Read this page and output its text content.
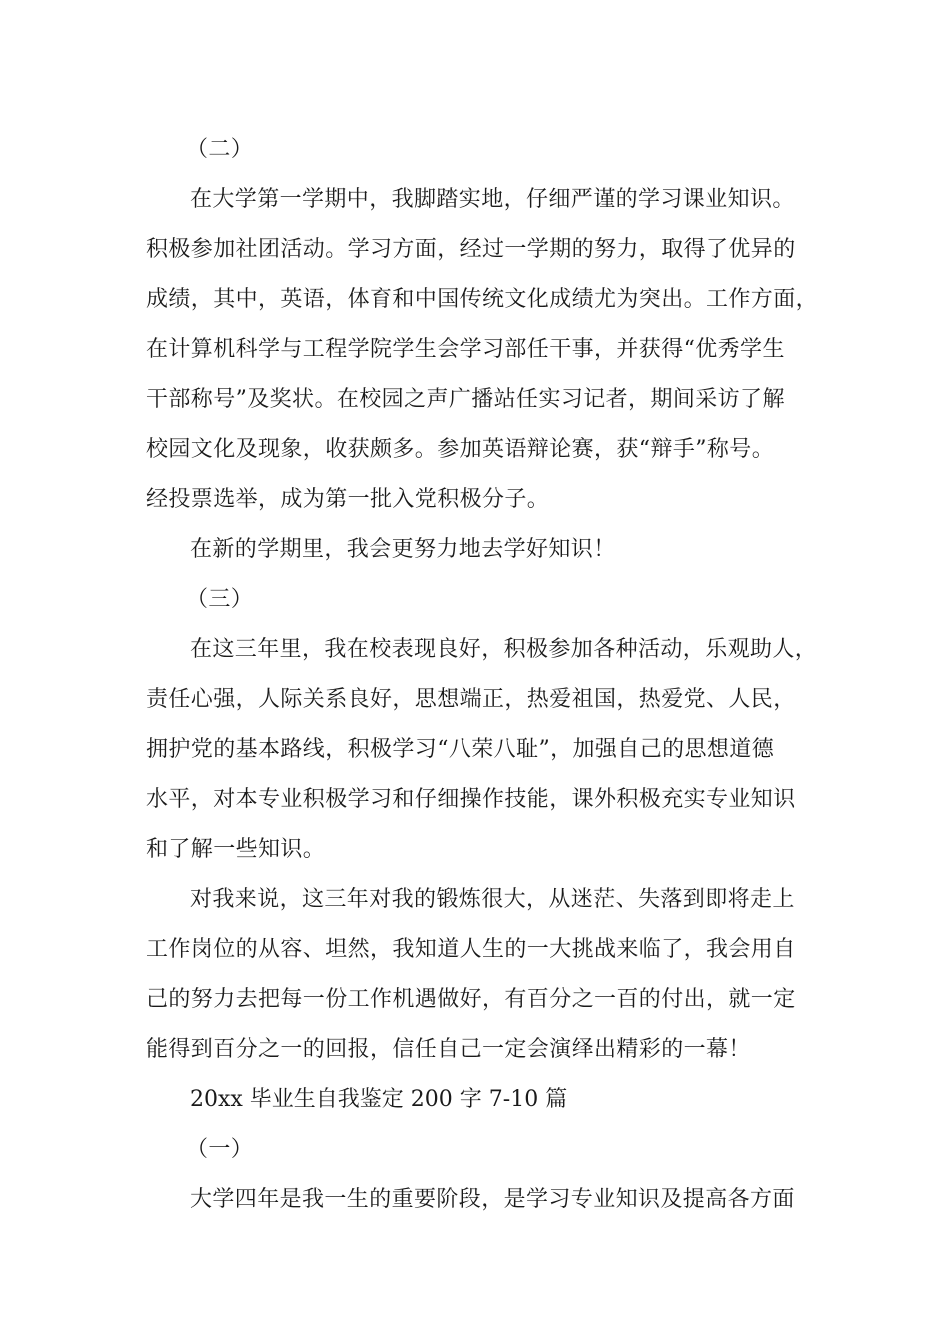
（二）
在大学第一学期中，我脚踏实地，仔细严谨的学习课业知识。
积极参加社团活动。学习方面，经过一学期的努力，取得了优异的
成绩，其中，英语，体育和中国传统文化成绩尤为突出。工作方面，
在计算机科学与工程学院学生会学习部任干事，并获得“优秀学生
干部称号”及奖状。在校园之声广播站任实习记者，期间采访了解
校园文化及现象，收获颇多。参加英语辩论赛，获“辩手”称号。
经投票选举，成为第一批入党积极分子。
在新的学期里，我会更努力地去学好知识！
（三）
在这三年里，我在校表现良好，积极参加各种活动，乐观助人，
责任心强，人际关系良好，思想端正，热爱祖国，热爱党、人民，
拥护党的基本路线，积极学习“八荣八耻”，加强自己的思想道德
水平，对本专业积极学习和仔细操作技能，课外积极充实专业知识
和了解一些知识。
对我来说，这三年对我的锻炼很大，从迷茫、失落到即将走上
工作岗位的从容、坦然，我知道人生的一大挑战来临了，我会用自
己的努力去把每一份工作机遇做好，有百分之一百的付出，就一定
能得到百分之一的回报，信任自己一定会演绎出精彩的一幕！
20xx 毕业生自我鉴定 200 字 7-10 篇
（一）
大学四年是我一生的重要阶段，是学习专业知识及提高各方面
